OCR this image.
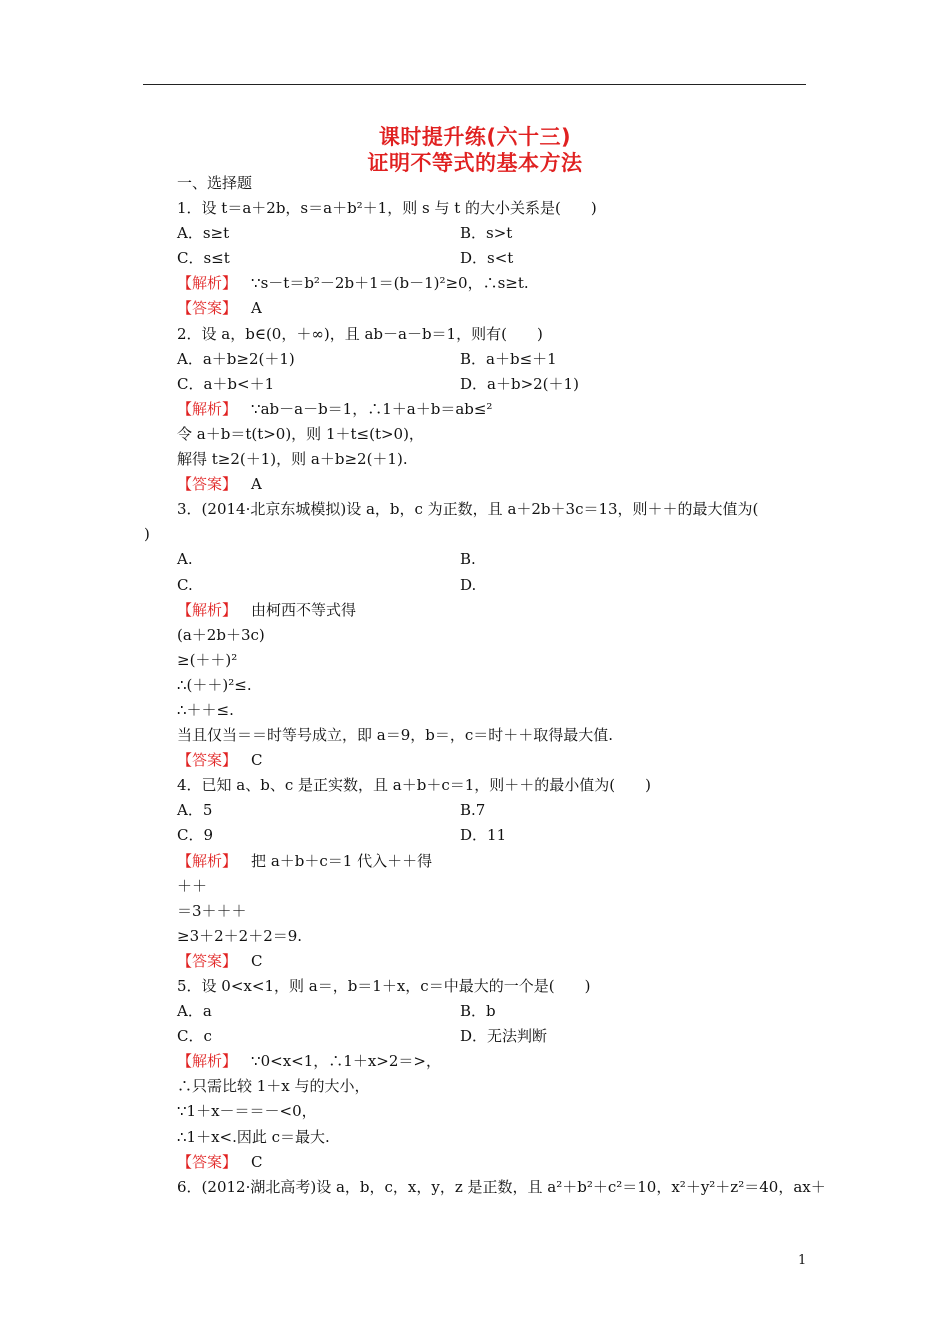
课时提升练(六十三)
证明不等式的基本方法
一、选择题
1．设 t＝a＋2b，s＝a＋b²＋1，则 s 与 t 的大小关系是(　　)
A．s≥t	B．s>t
C．s≤t	D．s<t
【解析】 ∵s－t＝b²－2b＋1＝(b－1)²≥0，∴s≥t.
【答案】 A
2．设 a，b∈(0，＋∞)，且 ab－a－b＝1，则有(　　)
A．a＋b≥2(＋1)	B．a＋b≤＋1
C．a＋b<＋1	D．a＋b>2(＋1)
【解析】 ∵ab－a－b＝1，∴1＋a＋b＝ab≤²
令 a＋b＝t(t>0)，则 1＋t≤(t>0)，
解得 t≥2(＋1)，则 a＋b≥2(＋1).
【答案】 A
3．(2014·北京东城模拟)设 a，b，c 为正数，且 a＋2b＋3c＝13，则＋＋的最大值为(
)
A.	B.
C.	D.
【解析】 由柯西不等式得
(a＋2b＋3c)
≥(＋＋)²
∴(＋＋)²≤.
∴＋＋≤.
当且仅当＝＝时等号成立，即 a＝9，b＝，c＝时＋＋取得最大值.
【答案】 C
4．已知 a、b、c 是正实数，且 a＋b＋c＝1，则＋＋的最小值为(　　)
A．5	B.7
C．9	D．11
【解析】 把 a＋b＋c＝1 代入＋＋得
＋＋
＝3＋＋＋
≥3＋2＋2＋2＝9.
【答案】 C
5．设 0<x<1，则 a＝，b＝1＋x，c＝中最大的一个是(　　)
A．a	B．b
C．c	D．无法判断
【解析】 ∵0<x<1，∴1＋x>2＝>，
∴只需比较 1＋x 与的大小，
∵1＋x－＝＝－<0，
∴1＋x<.因此 c＝最大.
【答案】 C
6．(2012·湖北高考)设 a，b，c，x，y，z 是正数，且 a²＋b²＋c²＝10，x²＋y²＋z²＝40，ax＋
1
